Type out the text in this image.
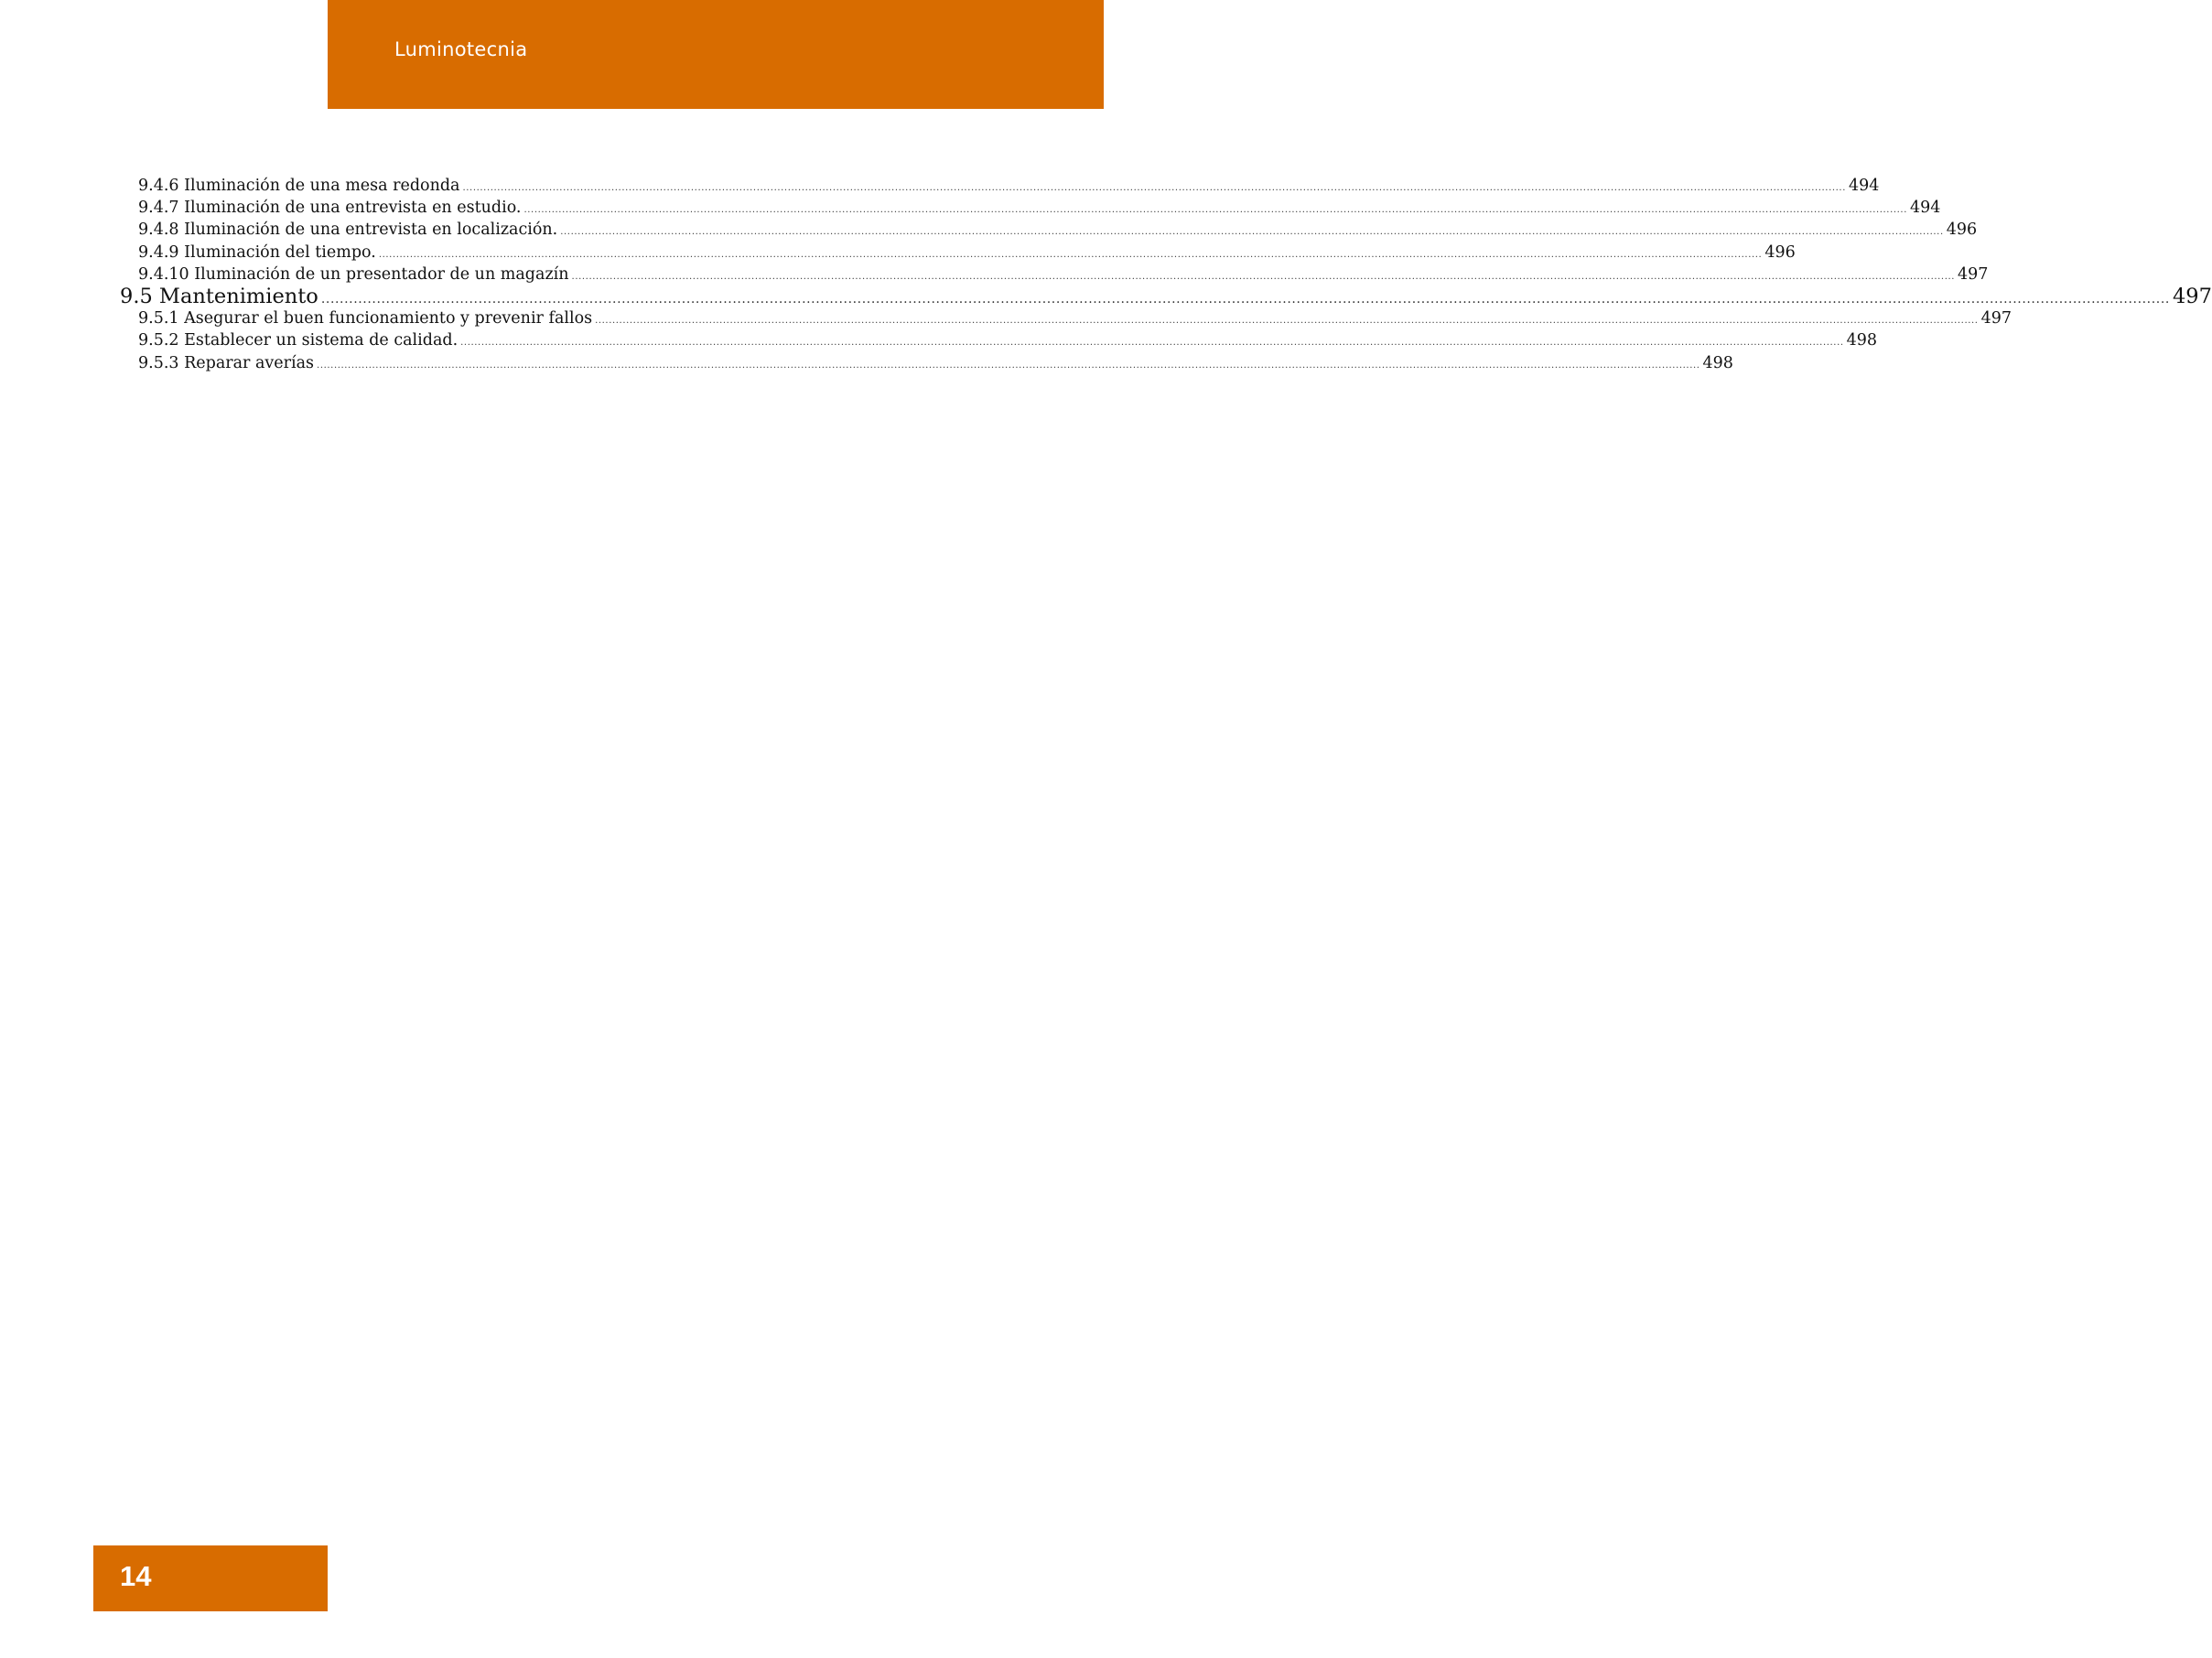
Luminotecnia
9.4.6 Iluminación de una mesa redonda ................................................................................................................................................................................................................................................................................................................................................................................................................ 494
9.4.7 Iluminación de una entrevista en estudio. ................................................................................................................................................................................................................................................................................................................................................................................................................ 494
9.4.8 Iluminación de una entrevista en localización. ................................................................................................................................................................................................................................................................................................................................................................................................................ 496
9.4.9 Iluminación del tiempo. ................................................................................................................................................................................................................................................................................................................................................................................................................ 496
9.4.10 Iluminación de un presentador de un magazín ................................................................................................................................................................................................................................................................................................................................................................................................................ 497
9.5 Mantenimiento ................................................................................................................................................................................................................................................................................................................................................................................................................ 497
9.5.1 Asegurar el buen funcionamiento y prevenir fallos ................................................................................................................................................................................................................................................................................................................................................................................................................ 497
9.5.2 Establecer un sistema de calidad. ................................................................................................................................................................................................................................................................................................................................................................................................................ 498
9.5.3 Reparar averías ................................................................................................................................................................................................................................................................................................................................................................................................................ 498
14
